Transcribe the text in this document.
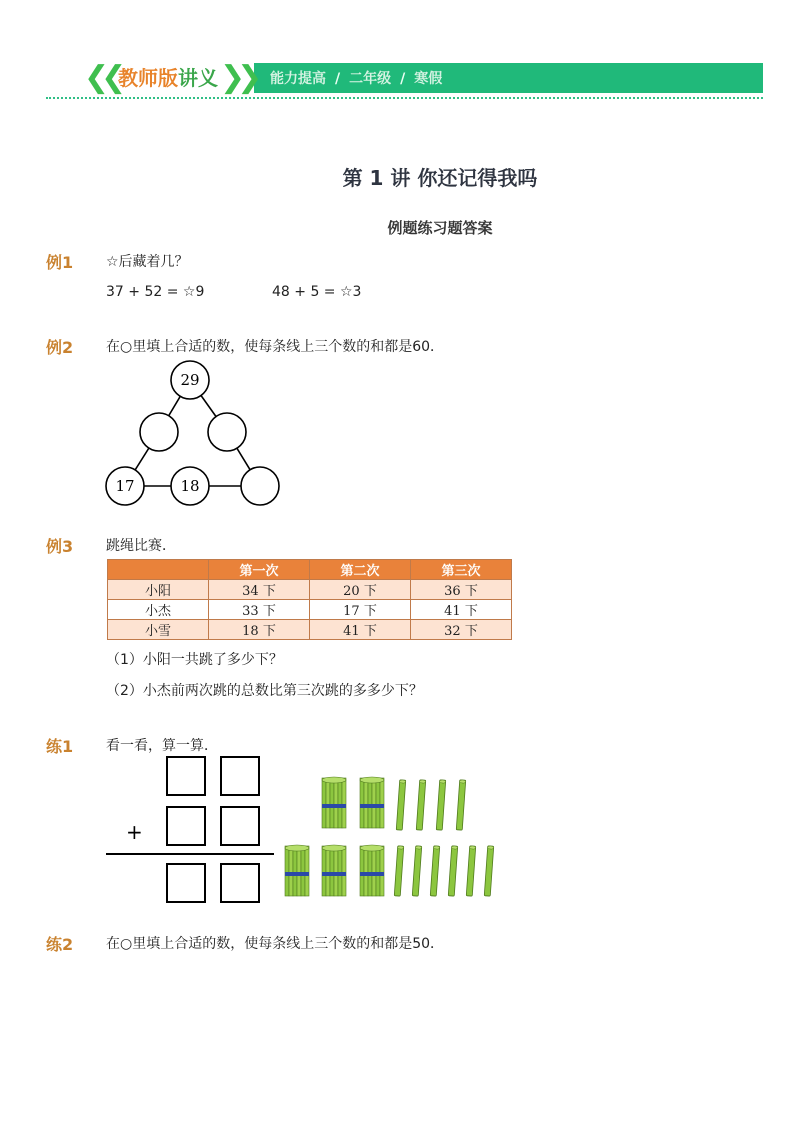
❮❮	❯❯
教师版讲义	能力提高 / 二年级 / 寒假
第 1 讲 你还记得我吗
例题练习题答案
例1 ☆后藏着几？
37 + 52 = ☆9	48 + 5 = ☆3
例2 在○里填上合适的数，使每条线上三个数的和都是60．
29
17	18
例3 跳绳比赛．
	第一次	第二次	第三次
小阳	34 下	20 下	36 下
小杰	33 下	17 下	41 下
小雪	18 下	41 下	32 下
（1）小阳一共跳了多少下？
（2）小杰前两次跳的总数比第三次跳的多多少下？
练1 看一看，算一算．
+
练2 在○里填上合适的数，使每条线上三个数的和都是50．
